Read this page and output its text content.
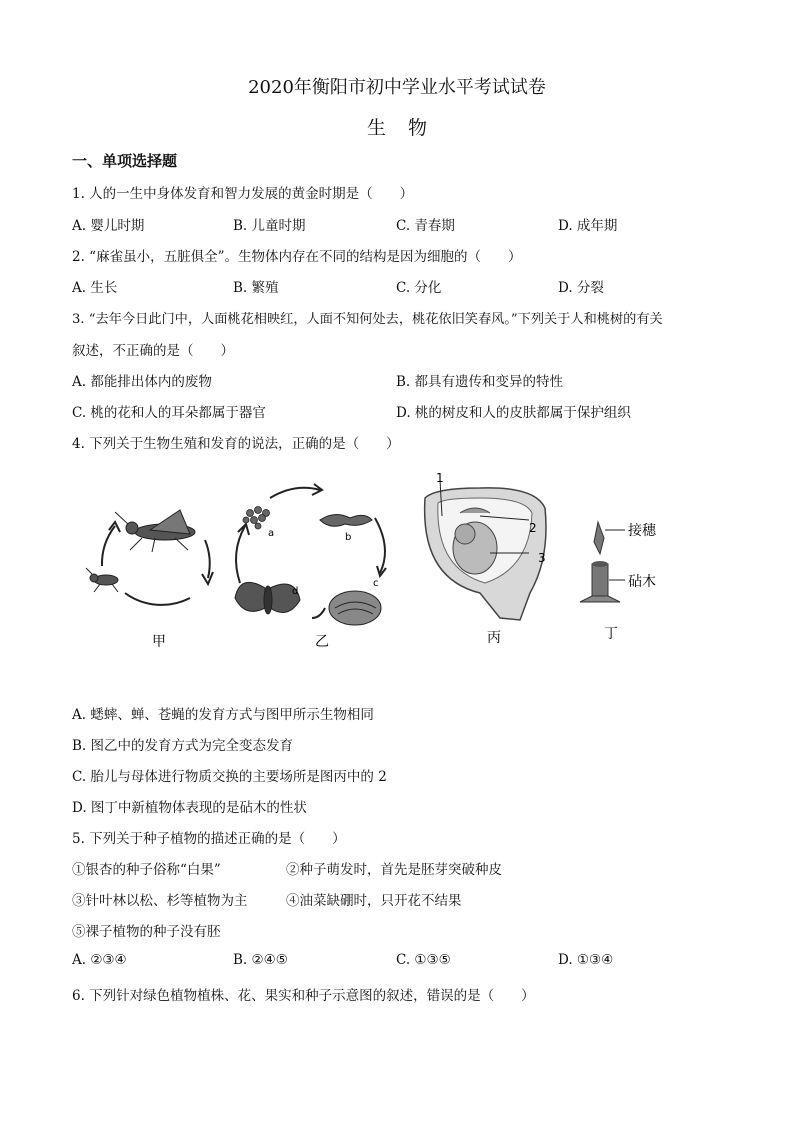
2020年衡阳市初中学业水平考试试卷
生物
一、单项选择题
1. 人的一生中身体发育和智力发展的黄金时期是（　　）
A. 婴儿时期	B. 儿童时期	C. 青春期	D. 成年期
2. “麻雀虽小，五脏俱全”。生物体内存在不同的结构是因为细胞的（　　）
A. 生长	B. 繁殖	C. 分化	D. 分裂
3. “去年今日此门中，人面桃花相映红，人面不知何处去，桃花依旧笑春风。”下列关于人和桃树的有关
叙述，不正确的是（　　）
A. 都能排出体内的废物	B. 都具有遗传和变异的特性
C. 桃的花和人的耳朵都属于器官	D. 桃的树皮和人的皮肤都属于保护组织
4. 下列关于生物生殖和发育的说法，正确的是（　　）
甲
a	b
c
d
乙
1
2
3
丙
接穗
砧木
丁
A. 蟋蟀、蝉、苍蝇的发育方式与图甲所示生物相同
B. 图乙中的发育方式为完全变态发育
C. 胎儿与母体进行物质交换的主要场所是图丙中的 2
D. 图丁中新植物体表现的是砧木的性状
5. 下列关于种子植物的描述正确的是（　　）
①银杏的种子俗称“白果”	②种子萌发时，首先是胚芽突破种皮
③针叶林以松、杉等植物为主	④油菜缺硼时，只开花不结果
⑤裸子植物的种子没有胚
A. ②③④	B. ②④⑤	C. ①③⑤	D. ①③④
6. 下列针对绿色植物植株、花、果实和种子示意图的叙述，错误的是（　　）
